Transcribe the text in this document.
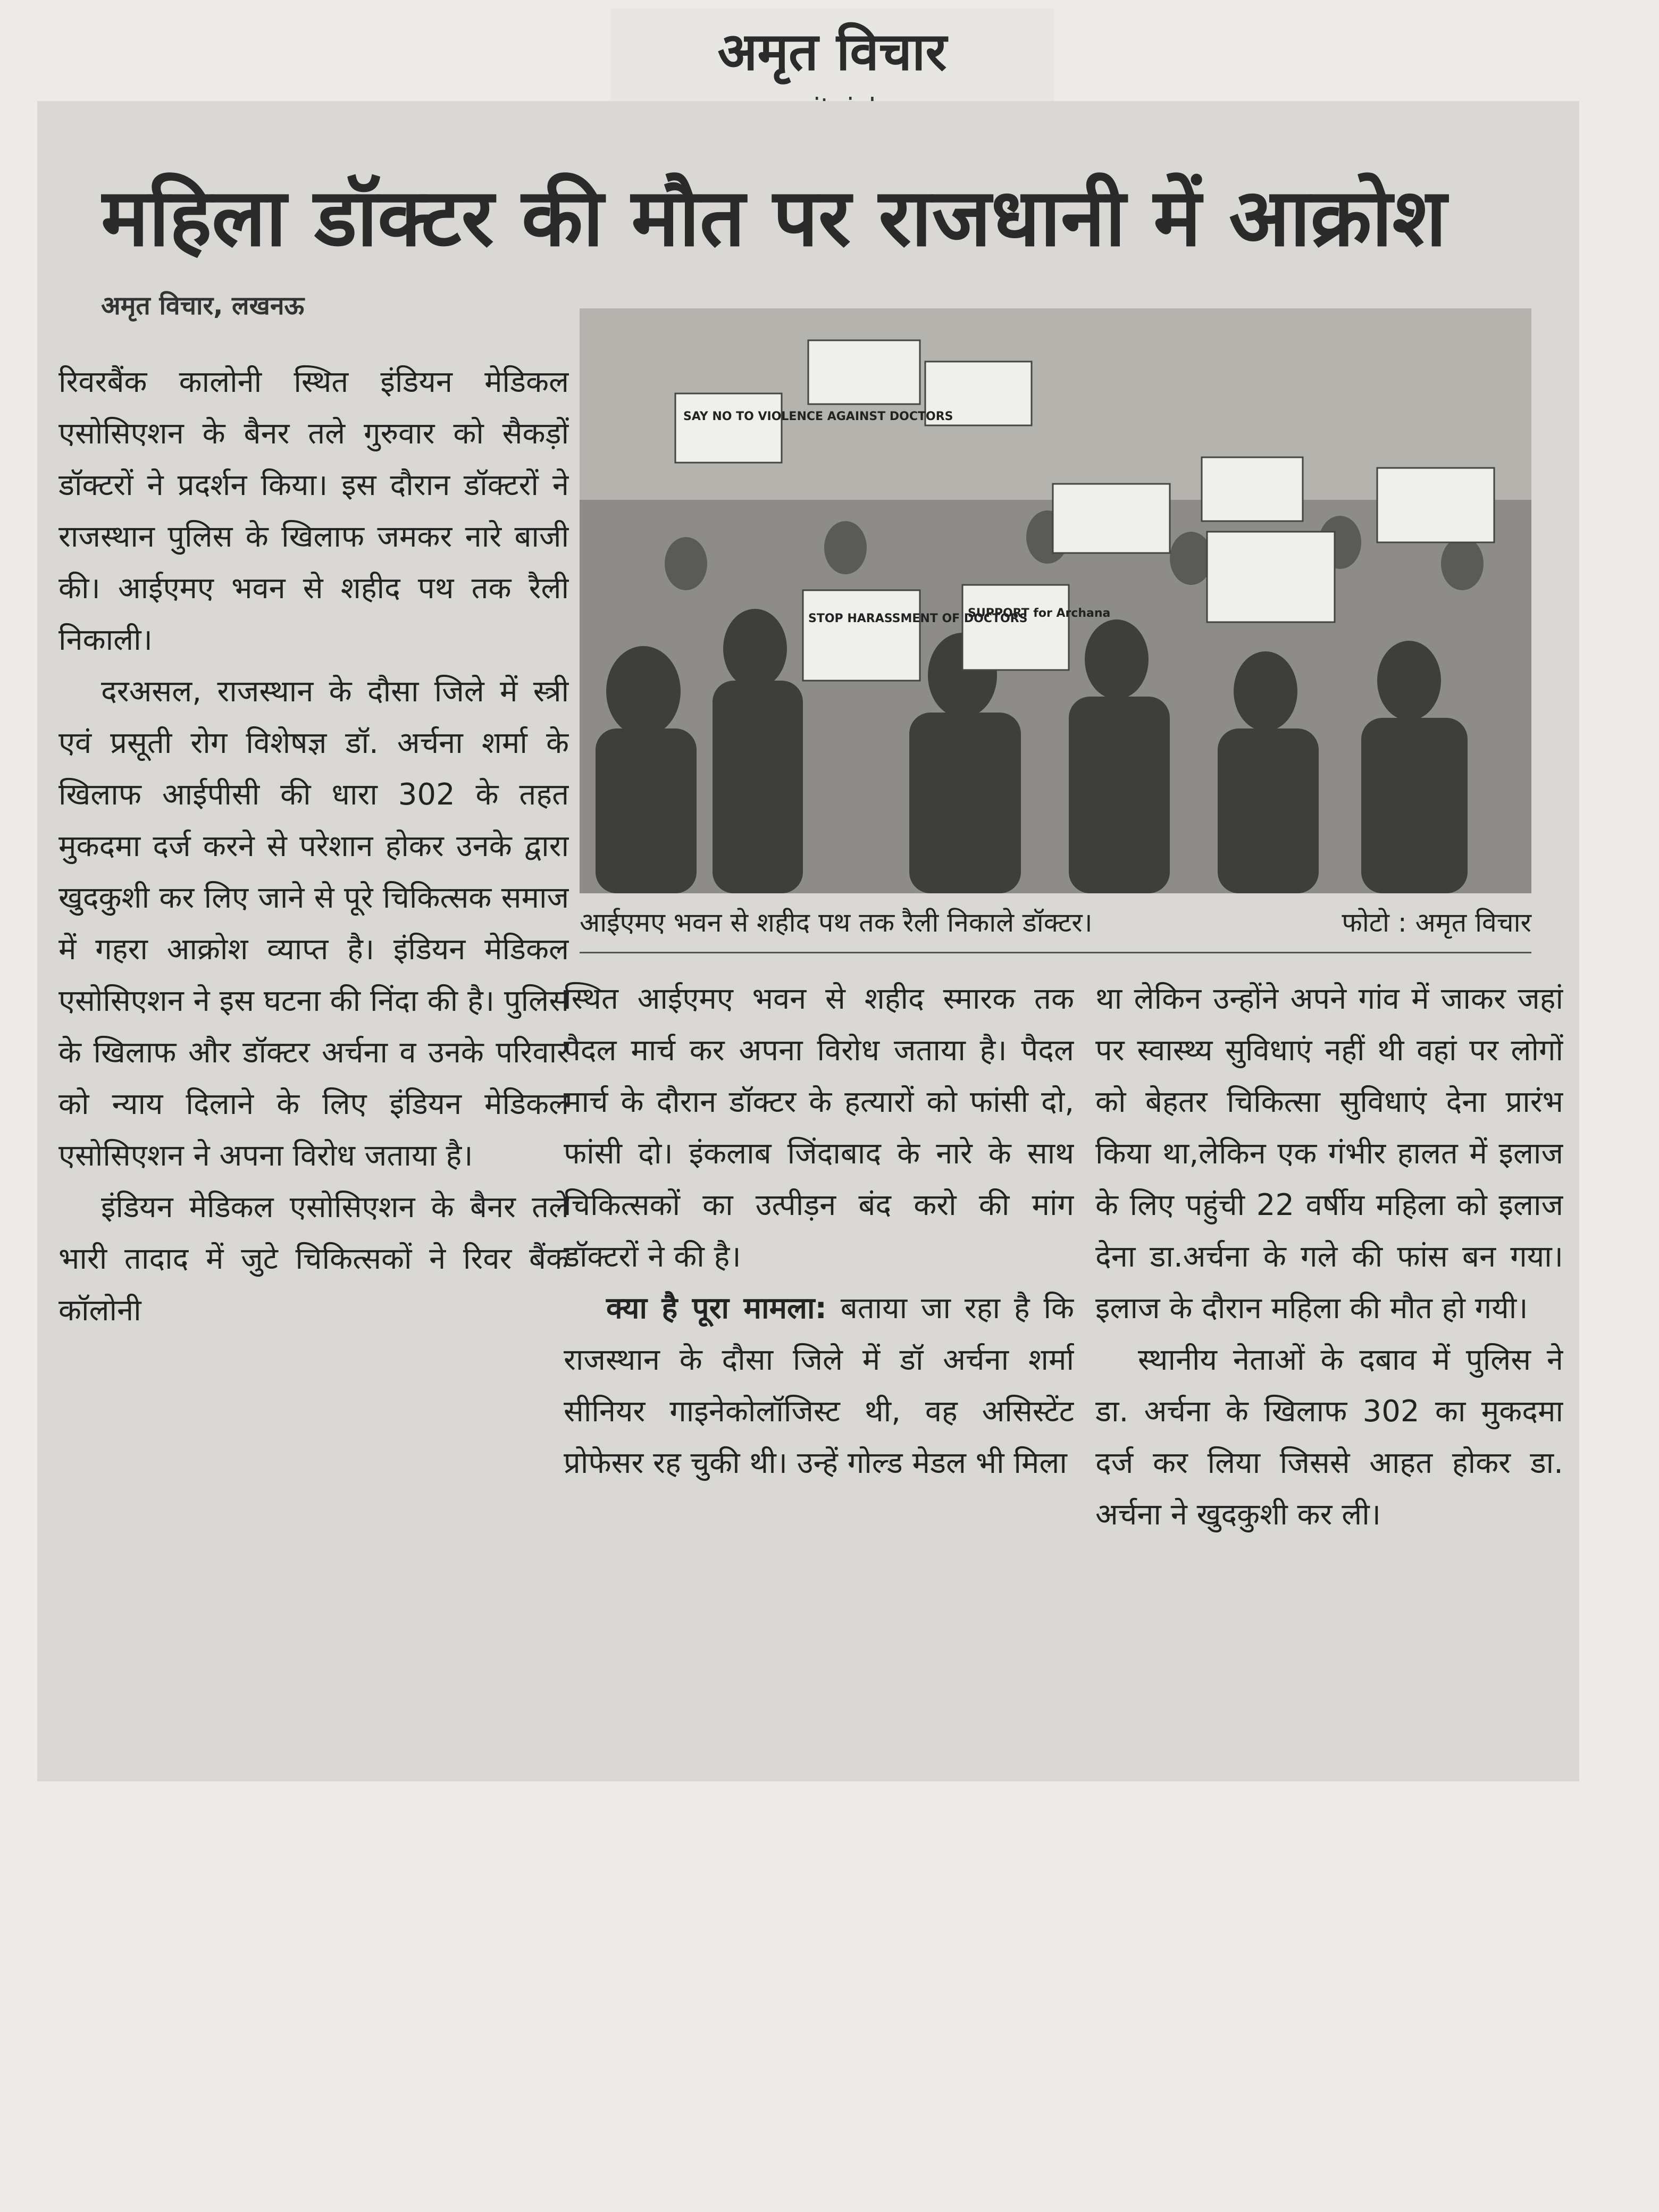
अमृत विचार
महिला डॉक्टर की मौत पर राजधानी में आक्रोश
अमृत विचार, लखनऊ

रिवरबैंक कालोनी स्थित इंडियन मेडिकल एसोसिएशन के बैनर तले गुरुवार को सैकड़ों डॉक्टरों ने प्रदर्शन किया। इस दौरान डॉक्टरों ने राजस्थान पुलिस के खिलाफ जमकर नारे बाजी की। आईएमए भवन से शहीद पथ तक रैली निकाली।

दरअसल, राजस्थान के दौसा जिले में स्त्री एवं प्रसूती रोग विशेषज्ञ डॉ. अर्चना शर्मा के खिलाफ आईपीसी की धारा 302 के तहत मुकदमा दर्ज करने से परेशान होकर उनके द्वारा खुदकुशी कर लिए जाने से पूरे चिकित्सक समाज में गहरा आक्रोश व्याप्त है। इंडियन मेडिकल एसोसिएशन ने इस घटना की निंदा की है। पुलिस के खिलाफ और डॉक्टर अर्चना व उनके परिवार को न्याय दिलाने के लिए इंडियन मेडिकल एसोसिएशन ने अपना विरोध जताया है।

इंडियन मेडिकल एसोसिएशन के बैनर तले भारी तादाद में जुटे चिकित्सकों ने रिवर बैंक कॉलोनी

SAY NO TO VIOLENCE AGAINST DOCTORS
STOP HARASSMENT OF DOCTORS
SUPPORT for Archana
आईएमए भवन से शहीद पथ तक रैली निकाले डॉक्टर।	फोटो : अमृत विचार

स्थित आईएमए भवन से शहीद स्मारक तक पैदल मार्च कर अपना विरोध जताया है। पैदल मार्च के दौरान डॉक्टर के हत्यारों को फांसी दो, फांसी दो। इंकलाब जिंदाबाद के नारे के साथ चिकित्सकों का उत्पीड़न बंद करो की मांग डॉक्टरों ने की है।

क्या है पूरा मामला: बताया जा रहा है कि राजस्थान के दौसा जिले में डॉ अर्चना शर्मा सीनियर गाइनेकोलॉजिस्ट थी, वह असिस्टेंट प्रोफेसर रह चुकी थी। उन्हें गोल्ड मेडल भी मिला

था लेकिन उन्होंने अपने गांव में जाकर जहां पर स्वास्थ्य सुविधाएं नहीं थी वहां पर लोगों को बेहतर चिकित्सा सुविधाएं देना प्रारंभ किया था,लेकिन एक गंभीर हालत में इलाज के लिए पहुंची 22 वर्षीय महिला को इलाज देना डा.अर्चना के गले की फांस बन गया। इलाज के दौरान महिला की मौत हो गयी।

स्थानीय नेताओं के दबाव में पुलिस ने डा. अर्चना के खिलाफ 302 का मुकदमा दर्ज कर लिया जिससे आहत होकर डा. अर्चना ने खुदकुशी कर ली।
